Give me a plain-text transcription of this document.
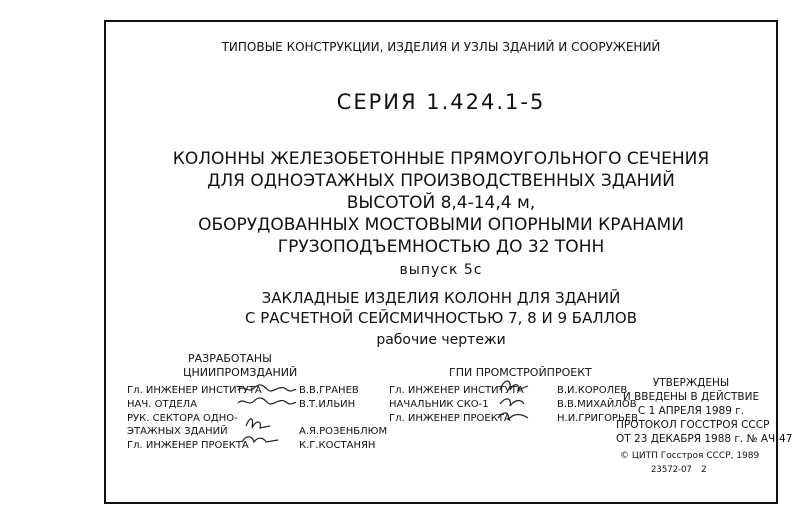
ТИПОВЫЕ КОНСТРУКЦИИ, ИЗДЕЛИЯ И УЗЛЫ ЗДАНИЙ И СООРУЖЕНИЙ
СЕРИЯ 1.424.1-5
КОЛОННЫ ЖЕЛЕЗОБЕТОННЫЕ ПРЯМОУГОЛЬНОГО СЕЧЕНИЯ
ДЛЯ ОДНОЭТАЖНЫХ ПРОИЗВОДСТВЕННЫХ ЗДАНИЙ
ВЫСОТОЙ 8,4-14,4 м,
ОБОРУДОВАННЫХ МОСТОВЫМИ ОПОРНЫМИ КРАНАМИ
ГРУЗОПОДЪЕМНОСТЬЮ ДО 32 ТОНН
выпуск 5с
ЗАКЛАДНЫЕ ИЗДЕЛИЯ КОЛОНН ДЛЯ ЗДАНИЙ
С РАСЧЕТНОЙ СЕЙСМИЧНОСТЬЮ 7, 8 И 9 БАЛЛОВ
рабочие чертежи
РАЗРАБОТАНЫ
ЦНИИПРОМЗДАНИЙ
Гл. ИНЖЕНЕР ИНСТИТУТА	В.В.ГРАНЕВ
НАЧ. ОТДЕЛА	В.Т.ИЛЬИН
РУК. СЕКТОРА ОДНО-
ЭТАЖНЫХ ЗДАНИЙ	А.Я.РОЗЕНБЛЮМ
Гл. ИНЖЕНЕР ПРОЕКТА	К.Г.КОСТАНЯН
ГПИ ПРОМСТРОЙПРОЕКТ
Гл. ИНЖЕНЕР ИНСТИТУТА	В.И.КОРОЛЕВ
НАЧАЛЬНИК СКО-1	В.В.МИХАЙЛОВ
Гл. ИНЖЕНЕР ПРОЕКТА	Н.И.ГРИГОРЬЕВ
УТВЕРЖДЕНЫ
И ВВЕДЕНЫ В ДЕЙСТВИЕ
С 1 АПРЕЛЯ 1989 г.
ПРОТОКОЛ ГОССТРОЯ СССР
ОТ 23 ДЕКАБРЯ 1988 г. № АЧ-47
© ЦИТП Госстроя СССР, 1989
23572-07 2
